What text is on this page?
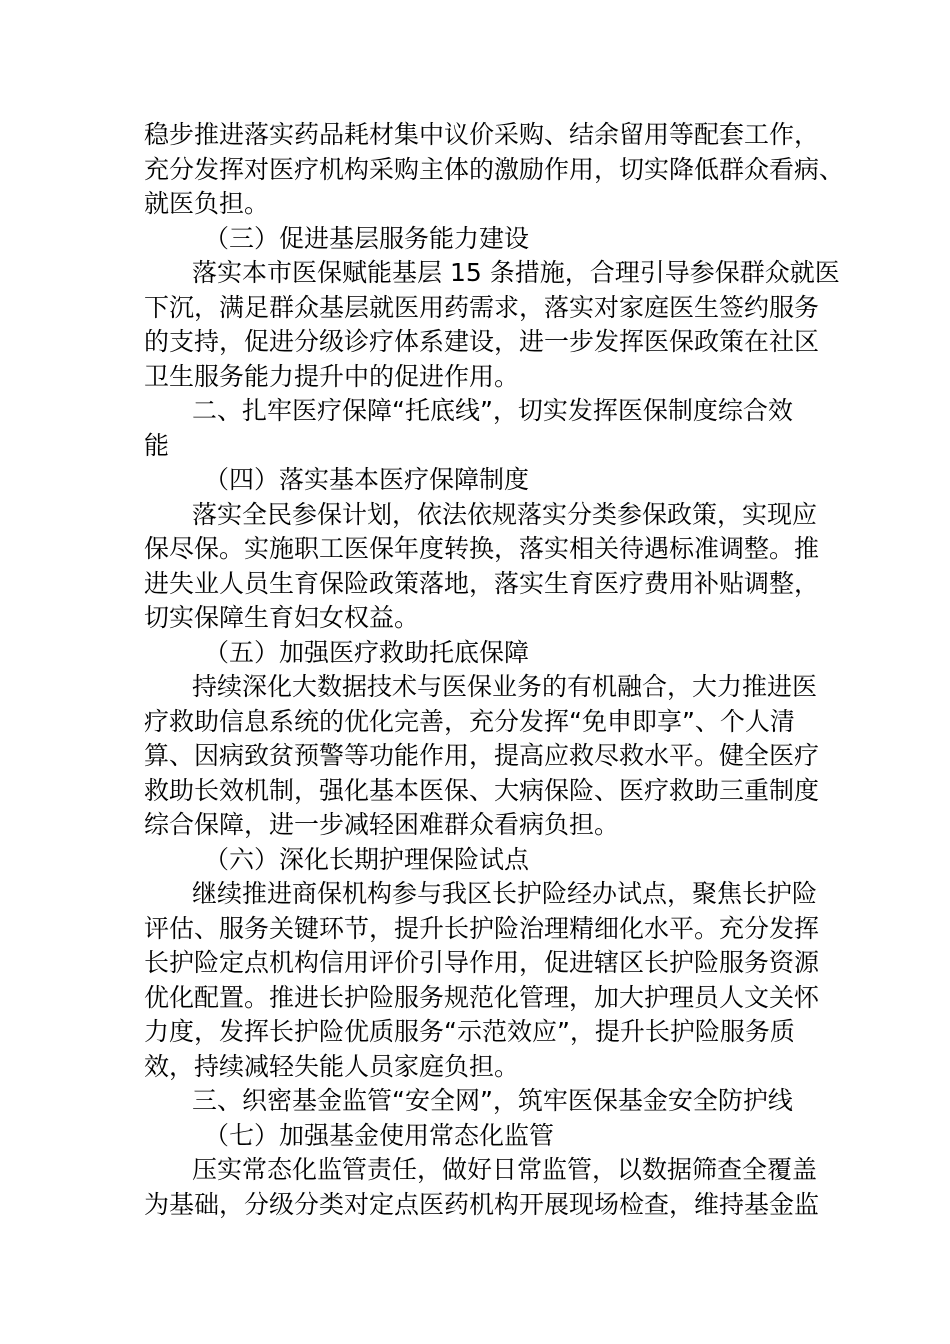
稳步推进落实药品耗材集中议价采购、结余留用等配套工作，
充分发挥对医疗机构采购主体的激励作用，切实降低群众看病、
就医负担。
（三）促进基层服务能力建设
落实本市医保赋能基层 15 条措施，合理引导参保群众就医
下沉，满足群众基层就医用药需求，落实对家庭医生签约服务
的支持，促进分级诊疗体系建设，进一步发挥医保政策在社区
卫生服务能力提升中的促进作用。
二、扎牢医疗保障“托底线”，切实发挥医保制度综合效
能
（四）落实基本医疗保障制度
落实全民参保计划，依法依规落实分类参保政策，实现应
保尽保。实施职工医保年度转换，落实相关待遇标准调整。推
进失业人员生育保险政策落地，落实生育医疗费用补贴调整，
切实保障生育妇女权益。
（五）加强医疗救助托底保障
持续深化大数据技术与医保业务的有机融合，大力推进医
疗救助信息系统的优化完善，充分发挥“免申即享”、个人清
算、因病致贫预警等功能作用，提高应救尽救水平。健全医疗
救助长效机制，强化基本医保、大病保险、医疗救助三重制度
综合保障，进一步减轻困难群众看病负担。
（六）深化长期护理保险试点
继续推进商保机构参与我区长护险经办试点，聚焦长护险
评估、服务关键环节，提升长护险治理精细化水平。充分发挥
长护险定点机构信用评价引导作用，促进辖区长护险服务资源
优化配置。推进长护险服务规范化管理，加大护理员人文关怀
力度，发挥长护险优质服务“示范效应”，提升长护险服务质
效，持续减轻失能人员家庭负担。
三、织密基金监管“安全网”，筑牢医保基金安全防护线
（七）加强基金使用常态化监管
压实常态化监管责任，做好日常监管，以数据筛查全覆盖
为基础，分级分类对定点医药机构开展现场检查，维持基金监
